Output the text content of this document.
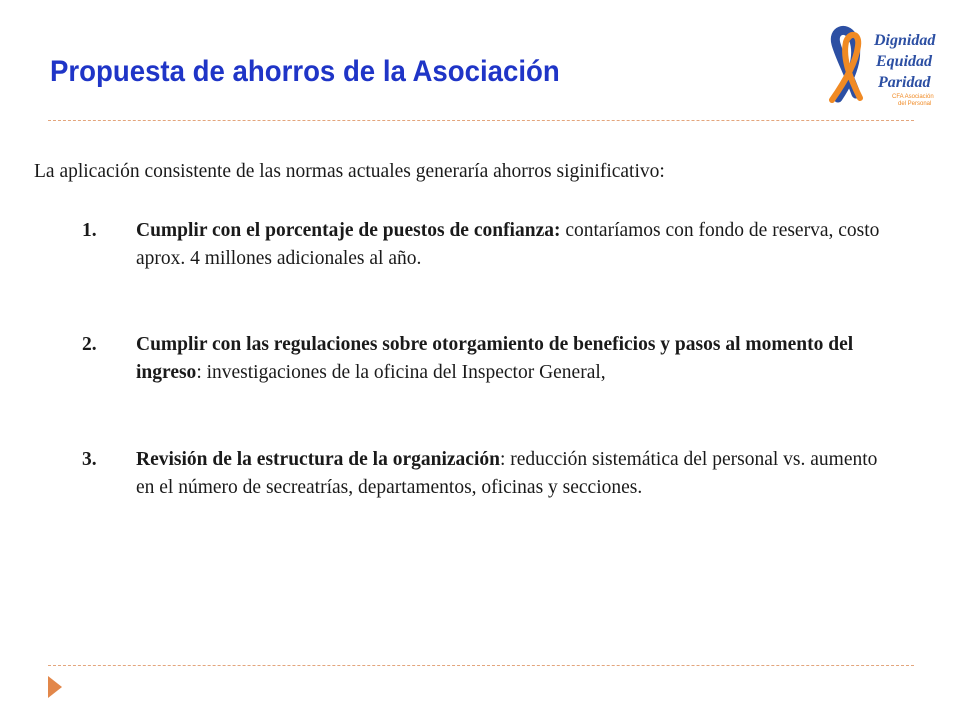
Propuesta de ahorros de la Asociación
Dignidad
Equidad
Paridad
CFA Asociación
del Personal

La aplicación consistente de las normas actuales generaría ahorros siginificativo:

1. Cumplir con el porcentaje de puestos de confianza: contaríamos con fondo de reserva, costo aprox. 4 millones adicionales al año.
2. Cumplir con las regulaciones sobre otorgamiento de beneficios y pasos al momento del ingreso: investigaciones de la oficina del Inspector General,
3. Revisión de la estructura de la organización: reducción sistemática del personal vs. aumento en el número de secreatrías, departamentos, oficinas y secciones.
